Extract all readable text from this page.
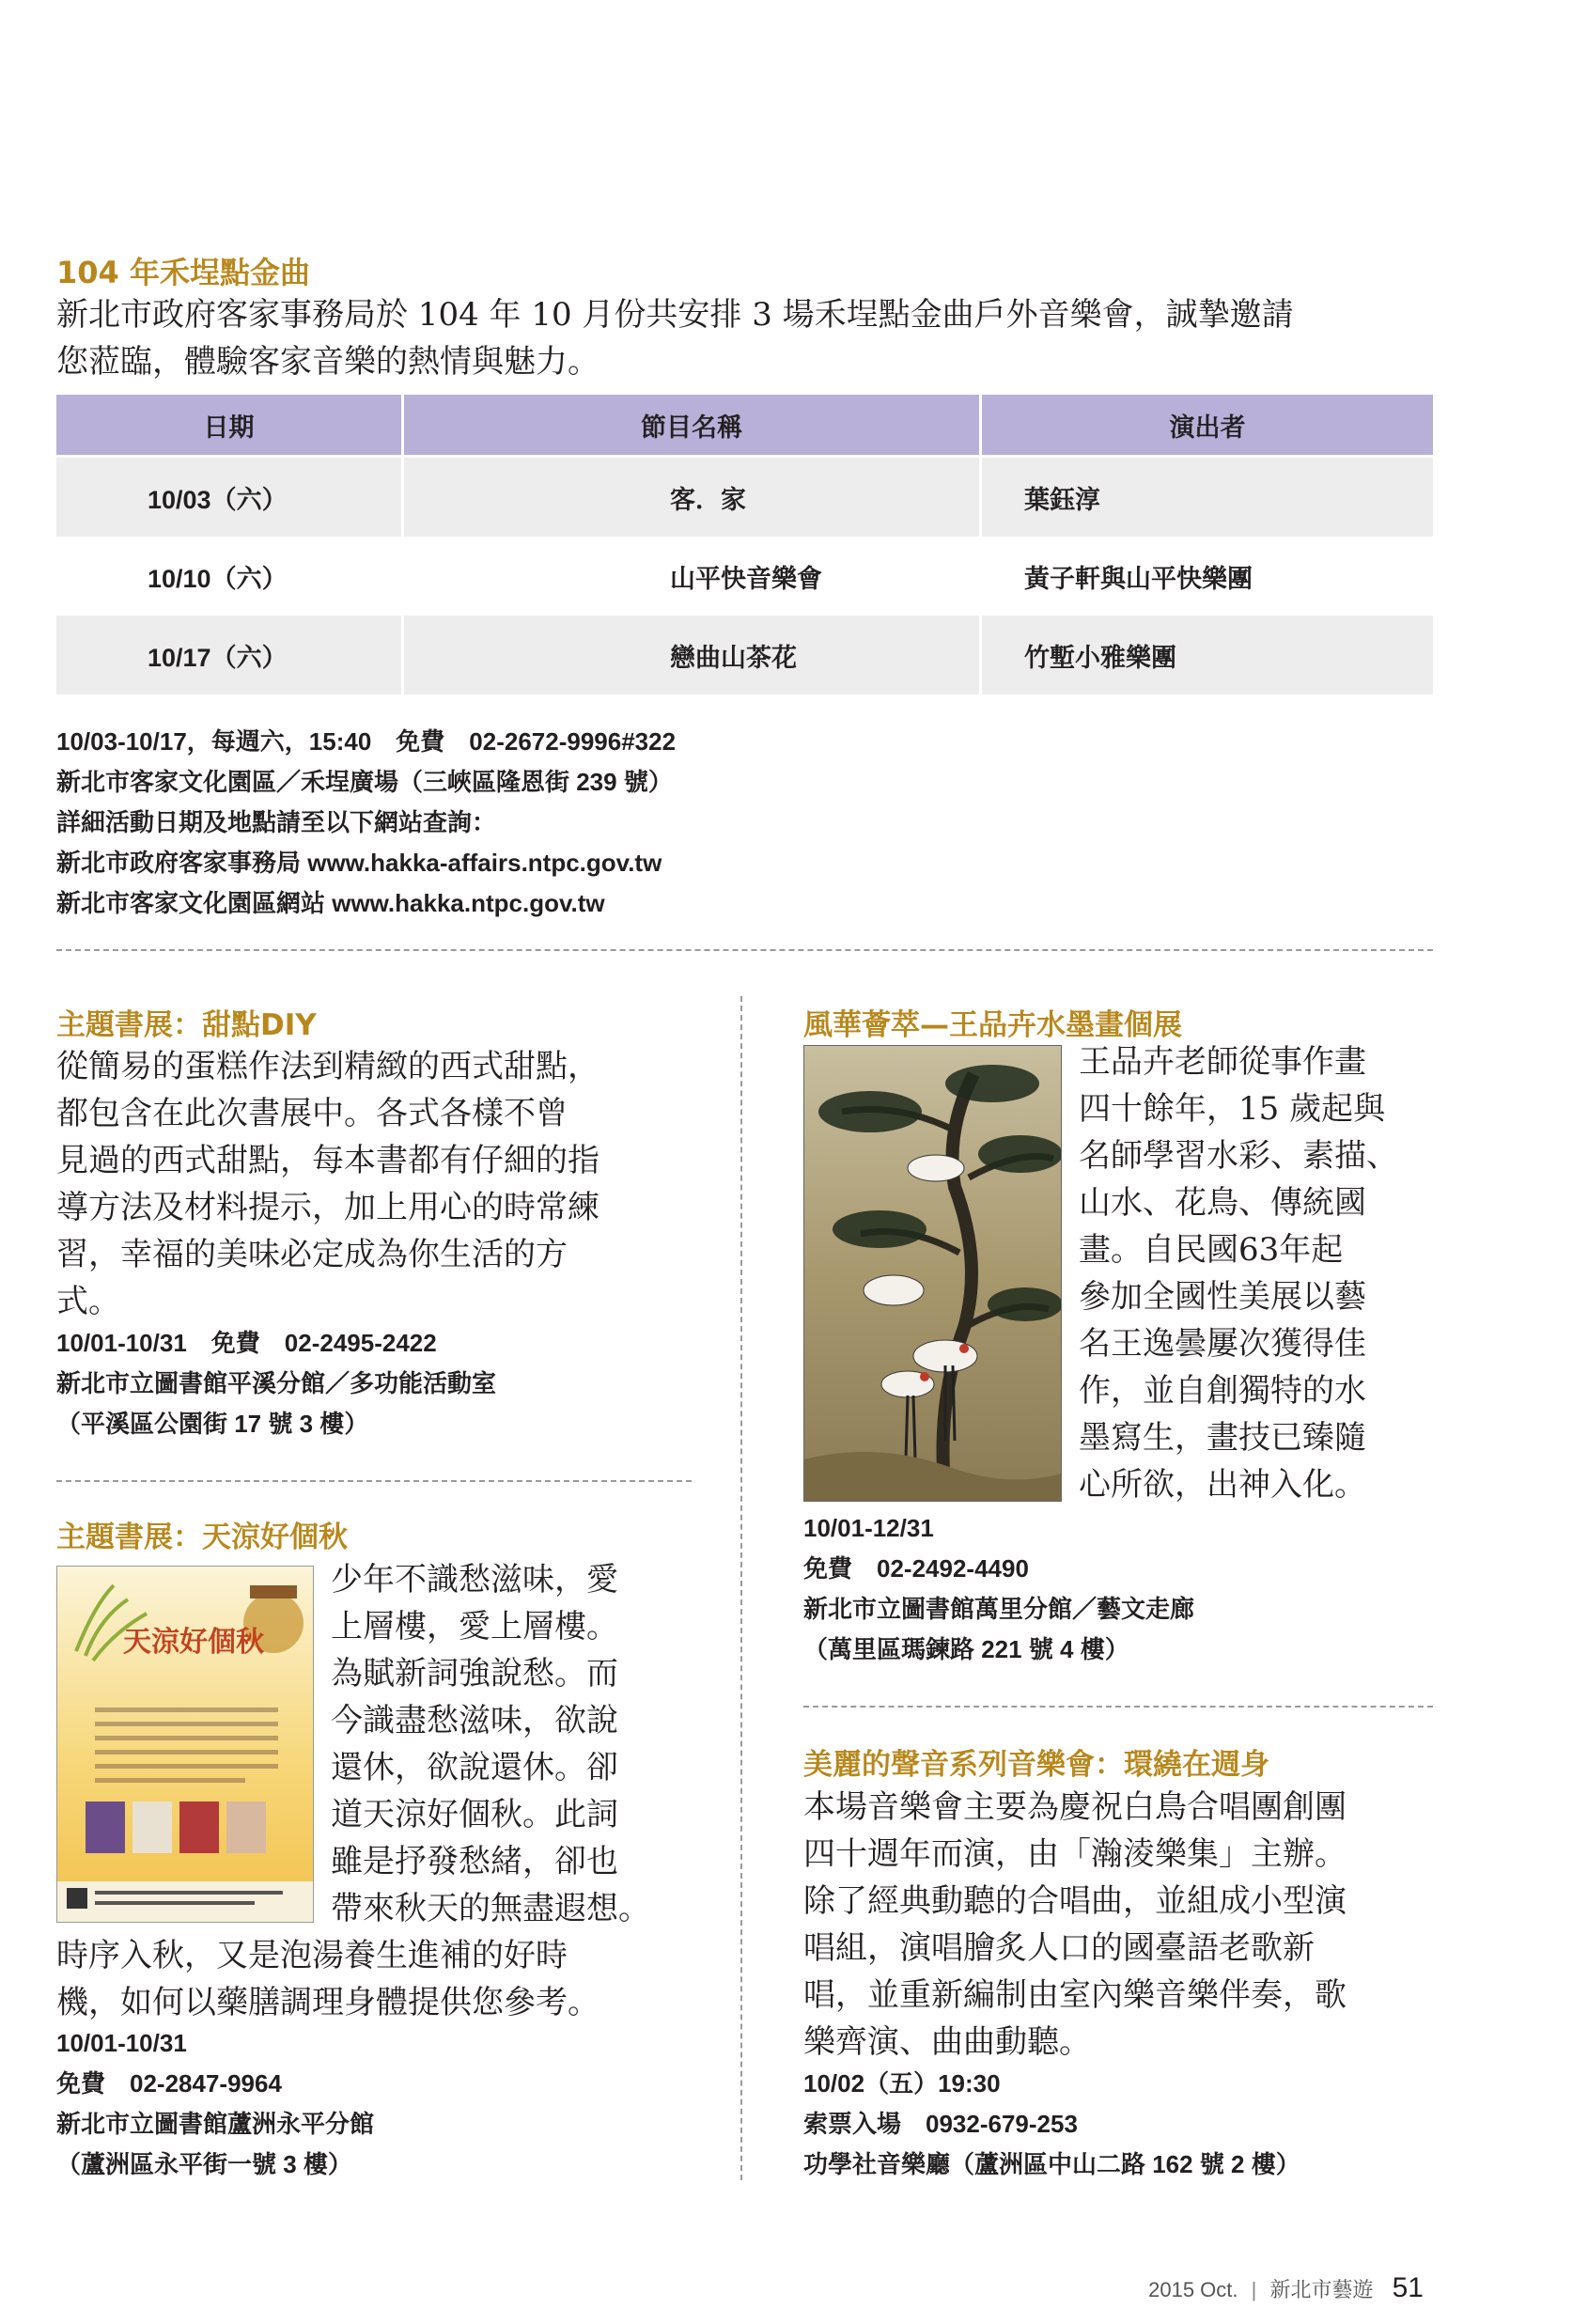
104 年禾埕點金曲
新北市政府客家事務局於 104 年 10 月份共安排 3 場禾埕點金曲戶外音樂會，誠摯邀請
您蒞臨，體驗客家音樂的熱情與魅力。
日期	節目名稱	演出者
10/03（六）	客．家	葉鈺淳
10/10（六）	山平快音樂會	黃子軒與山平快樂團
10/17（六）	戀曲山茶花	竹塹小雅樂團
10/03-10/17，每週六，15:40　免費　02-2672-9996#322
新北市客家文化園區／禾埕廣場（三峽區隆恩街 239 號）
詳細活動日期及地點請至以下網站查詢：
新北市政府客家事務局 www.hakka-affairs.ntpc.gov.tw
新北市客家文化園區網站 www.hakka.ntpc.gov.tw
主題書展：甜點DIY
從簡易的蛋糕作法到精緻的西式甜點，
都包含在此次書展中。各式各樣不曾
見過的西式甜點，每本書都有仔細的指
導方法及材料提示，加上用心的時常練
習，幸福的美味必定成為你生活的方
式。
10/01-10/31　免費　02-2495-2422
新北市立圖書館平溪分館／多功能活動室
（平溪區公園街 17 號 3 樓）
主題書展：天涼好個秋
天涼好個秋
少年不識愁滋味，愛
上層樓，愛上層樓。
為賦新詞強說愁。而
今識盡愁滋味，欲說
還休，欲說還休。卻
道天涼好個秋。此詞
雖是抒發愁緒，卻也
帶來秋天的無盡遐想。
時序入秋，又是泡湯養生進補的好時
機，如何以藥膳調理身體提供您參考。
10/01-10/31
免費　02-2847-9964
新北市立圖書館蘆洲永平分館
（蘆洲區永平街一號 3 樓）
風華薈萃—王品卉水墨畫個展
王品卉老師從事作畫
四十餘年，15 歲起與
名師學習水彩、素描、
山水、花鳥、傳統國
畫。自民國63年起
參加全國性美展以藝
名王逸曇屢次獲得佳
作，並自創獨特的水
墨寫生，畫技已臻隨
心所欲，出神入化。
10/01-12/31
免費　02-2492-4490
新北市立圖書館萬里分館／藝文走廊
（萬里區瑪鍊路 221 號 4 樓）
美麗的聲音系列音樂會：環繞在週身
本場音樂會主要為慶祝白鳥合唱團創團
四十週年而演，由「瀚淩樂集」主辦。
除了經典動聽的合唱曲，並組成小型演
唱組，演唱膾炙人口的國臺語老歌新
唱，並重新編制由室內樂音樂伴奏，歌
樂齊演、曲曲動聽。
10/02（五）19:30
索票入場　0932-679-253
功學社音樂廳（蘆洲區中山二路 162 號 2 樓）
2015 Oct. | 新北市藝遊 51
